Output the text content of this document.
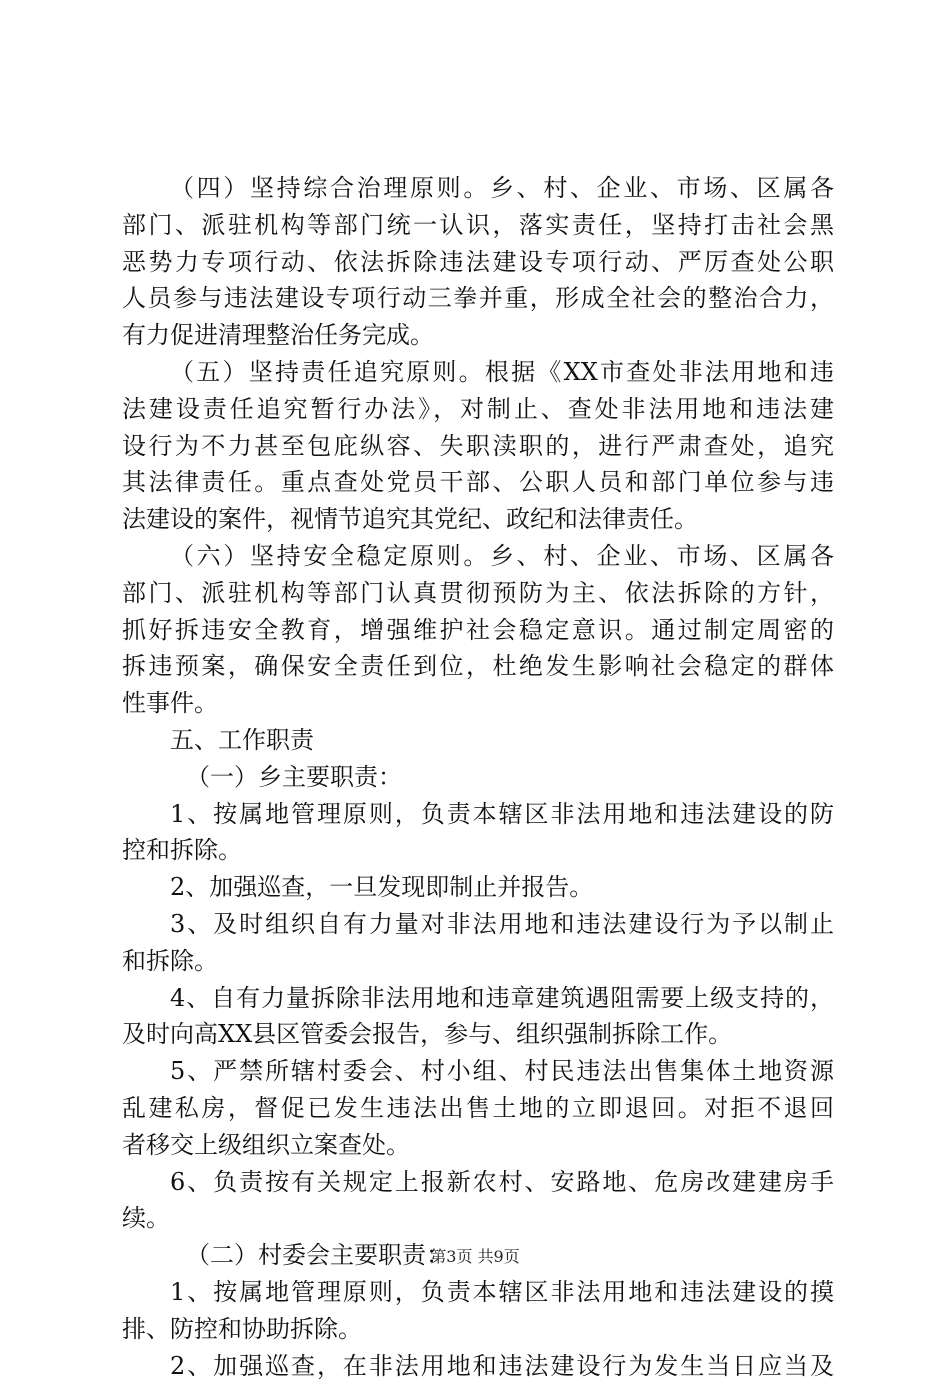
（四）坚持综合治理原则。乡、村、企业、市场、区属各
部门、派驻机构等部门统一认识，落实责任，坚持打击社会黑
恶势力专项行动、依法拆除违法建设专项行动、严厉查处公职
人员参与违法建设专项行动三拳并重，形成全社会的整治合力，
有力促进清理整治任务完成。
（五）坚持责任追究原则。根据《XX市查处非法用地和违
法建设责任追究暂行办法》，对制止、查处非法用地和违法建
设行为不力甚至包庇纵容、失职渎职的，进行严肃查处，追究
其法律责任。重点查处党员干部、公职人员和部门单位参与违
法建设的案件，视情节追究其党纪、政纪和法律责任。
（六）坚持安全稳定原则。乡、村、企业、市场、区属各
部门、派驻机构等部门认真贯彻预防为主、依法拆除的方针，
抓好拆违安全教育，增强维护社会稳定意识。通过制定周密的
拆违预案，确保安全责任到位，杜绝发生影响社会稳定的群体
性事件。
五、工作职责
（一）乡主要职责：
1、按属地管理原则，负责本辖区非法用地和违法建设的防
控和拆除。
2、加强巡查，一旦发现即制止并报告。
3、及时组织自有力量对非法用地和违法建设行为予以制止
和拆除。
4、自有力量拆除非法用地和违章建筑遇阻需要上级支持的，
及时向高XX县区管委会报告，参与、组织强制拆除工作。
5、严禁所辖村委会、村小组、村民违法出售集体土地资源
乱建私房，督促已发生违法出售土地的立即退回。对拒不退回
者移交上级组织立案查处。
6、负责按有关规定上报新农村、安路地、危房改建建房手
续。
（二）村委会主要职责：
1、按属地管理原则，负责本辖区非法用地和违法建设的摸
排、防控和协助拆除。
2、加强巡查，在非法用地和违法建设行为发生当日应当及
第3页 共9页
